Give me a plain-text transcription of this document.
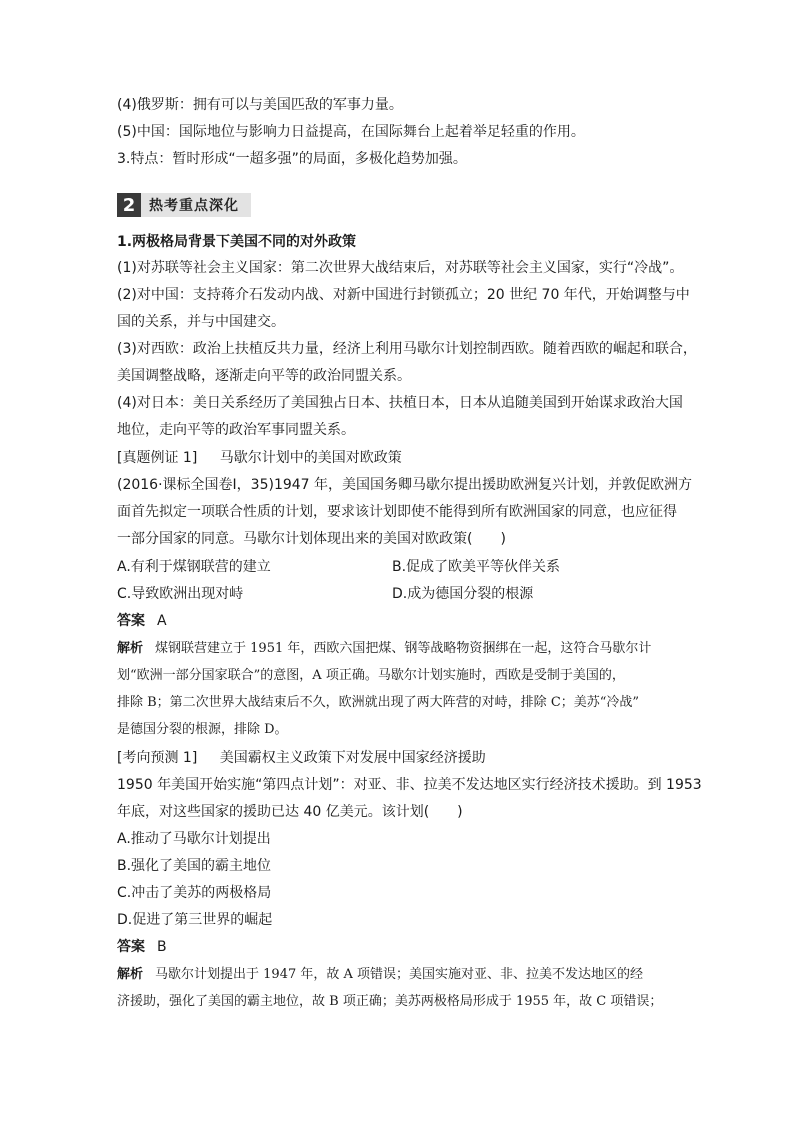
(4)俄罗斯：拥有可以与美国匹敌的军事力量。
(5)中国：国际地位与影响力日益提高，在国际舞台上起着举足轻重的作用。
3.特点：暂时形成“一超多强”的局面，多极化趋势加强。
2 热考重点深化
1.两极格局背景下美国不同的对外政策
(1)对苏联等社会主义国家：第二次世界大战结束后，对苏联等社会主义国家，实行“冷战”。
(2)对中国：支持蒋介石发动内战、对新中国进行封锁孤立；20 世纪 70 年代，开始调整与中
国的关系，并与中国建交。
(3)对西欧：政治上扶植反共力量，经济上利用马歇尔计划控制西欧。随着西欧的崛起和联合，
美国调整战略，逐渐走向平等的政治同盟关系。
(4)对日本：美日关系经历了美国独占日本、扶植日本，日本从追随美国到开始谋求政治大国
地位，走向平等的政治军事同盟关系。
[真题例证 1] 马歇尔计划中的美国对欧政策
(2016·课标全国卷Ⅰ，35)1947 年，美国国务卿马歇尔提出援助欧洲复兴计划，并敦促欧洲方
面首先拟定一项联合性质的计划，要求该计划即使不能得到所有欧洲国家的同意，也应征得
一部分国家的同意。马歇尔计划体现出来的美国对欧政策(　　)
A.有利于煤钢联营的建立	B.促成了欧美平等伙伴关系
C.导致欧洲出现对峙	D.成为德国分裂的根源
答案 A
解析 煤钢联营建立于 1951 年，西欧六国把煤、钢等战略物资捆绑在一起，这符合马歇尔计
划“欧洲一部分国家联合”的意图，A 项正确。马歇尔计划实施时，西欧是受制于美国的，
排除 B；第二次世界大战结束后不久，欧洲就出现了两大阵营的对峙，排除 C；美苏“冷战”
是德国分裂的根源，排除 D。
[考向预测 1] 美国霸权主义政策下对发展中国家经济援助
1950 年美国开始实施“第四点计划”：对亚、非、拉美不发达地区实行经济技术援助。到 1953
年底，对这些国家的援助已达 40 亿美元。该计划(　　)
A.推动了马歇尔计划提出
B.强化了美国的霸主地位
C.冲击了美苏的两极格局
D.促进了第三世界的崛起
答案 B
解析 马歇尔计划提出于 1947 年，故 A 项错误；美国实施对亚、非、拉美不发达地区的经
济援助，强化了美国的霸主地位，故 B 项正确；美苏两极格局形成于 1955 年，故 C 项错误；
